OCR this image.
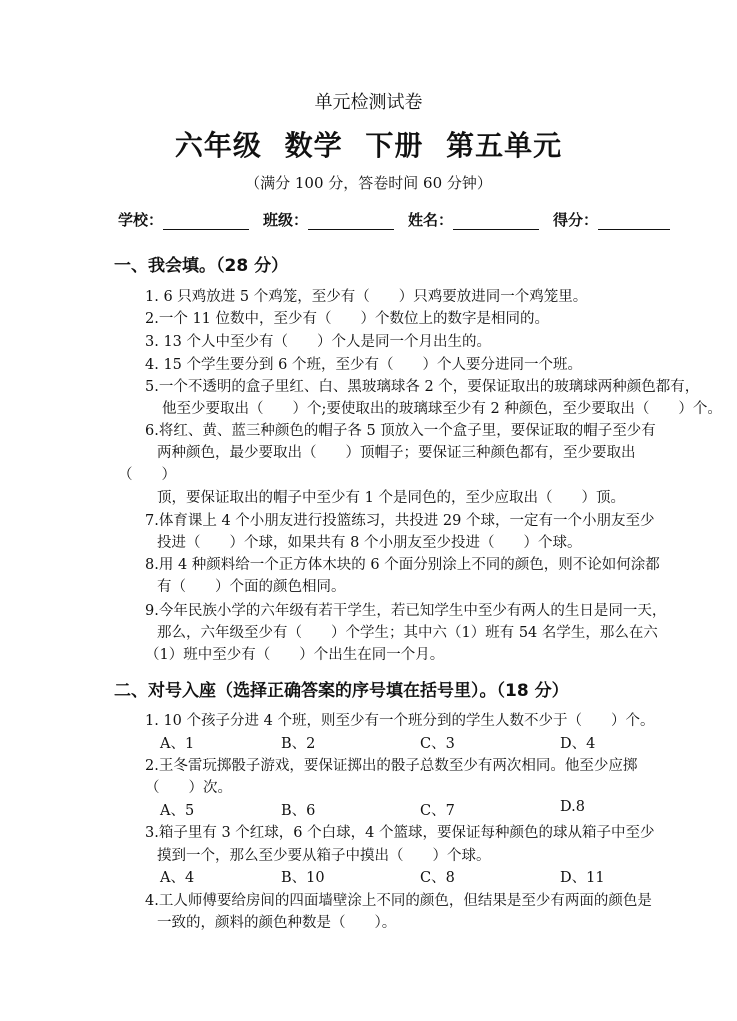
单元检测试卷
六年级 数学 下册 第五单元
（满分 100 分，答卷时间 60 分钟）
学校：	班级：	姓名：	得分：
一、我会填。（28 分）
1. 6 只鸡放进 5 个鸡笼，至少有（　　）只鸡要放进同一个鸡笼里。
2.一个 11 位数中，至少有（　　）个数位上的数字是相同的。
3. 13 个人中至少有（　　）个人是同一个月出生的。
4. 15 个学生要分到 6 个班，至少有（　　）个人要分进同一个班。
5.一个不透明的盒子里红、白、黑玻璃球各 2 个，要保证取出的玻璃球两种颜色都有，
他至少要取出（　　）个;要使取出的玻璃球至少有 2 种颜色，至少要取出（　　）个。
6.将红、黄、蓝三种颜色的帽子各 5 顶放入一个盒子里，要保证取的帽子至少有
两种颜色，最少要取出（　　）顶帽子；要保证三种颜色都有，至少要取出
（　　）
顶，要保证取出的帽子中至少有 1 个是同色的，至少应取出（　　）顶。
7.体育课上 4 个小朋友进行投篮练习，共投进 29 个球，一定有一个小朋友至少
投进（　　）个球，如果共有 8 个小朋友至少投进（　　）个球。
8.用 4 种颜料给一个正方体木块的 6 个面分别涂上不同的颜色，则不论如何涂都
有（　　）个面的颜色相同。
9.今年民族小学的六年级有若干学生，若已知学生中至少有两人的生日是同一天，
那么，六年级至少有（　　）个学生；其中六（1）班有 54 名学生，那么在六
（1）班中至少有（　　）个出生在同一个月。
二、对号入座（选择正确答案的序号填在括号里）。（18 分）
1. 10 个孩子分进 4 个班，则至少有一个班分到的学生人数不少于（　　）个。
A、1	B、2	C、3	D、4
2.王冬雷玩掷骰子游戏，要保证掷出的骰子总数至少有两次相同。他至少应掷
（　　）次。
A、5	B、6	C、7	D.8
3.箱子里有 3 个红球，6 个白球，4 个篮球，要保证每种颜色的球从箱子中至少
摸到一个，那么至少要从箱子中摸出（　　）个球。
A、4	B、10	C、8	D、11
4.工人师傅要给房间的四面墙壁涂上不同的颜色，但结果是至少有两面的颜色是
一致的，颜料的颜色种数是（　　）。
